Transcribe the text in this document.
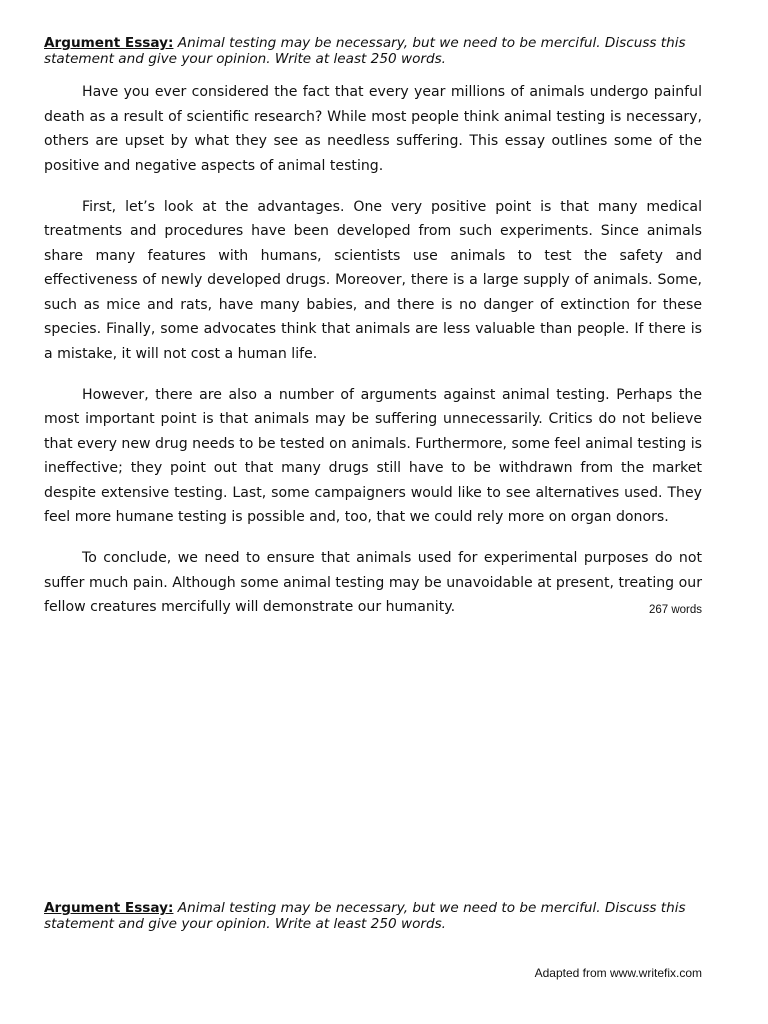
Argument Essay: Animal testing may be necessary, but we need to be merciful. Discuss this statement and give your opinion. Write at least 250 words.

Have you ever considered the fact that every year millions of animals undergo painful death as a result of scientific research? While most people think animal testing is necessary, others are upset by what they see as needless suffering. This essay outlines some of the positive and negative aspects of animal testing.

First, let’s look at the advantages. One very positive point is that many medical treatments and procedures have been developed from such experiments. Since animals share many features with humans, scientists use animals to test the safety and effectiveness of newly developed drugs. Moreover, there is a large supply of animals. Some, such as mice and rats, have many babies, and there is no danger of extinction for these species. Finally, some advocates think that animals are less valuable than people. If there is a mistake, it will not cost a human life.

However, there are also a number of arguments against animal testing. Perhaps the most important point is that animals may be suffering unnecessarily. Critics do not believe that every new drug needs to be tested on animals. Furthermore, some feel animal testing is ineffective; they point out that many drugs still have to be withdrawn from the market despite extensive testing. Last, some campaigners would like to see alternatives used. They feel more humane testing is possible and, too, that we could rely more on organ donors.

To conclude, we need to ensure that animals used for experimental purposes do not suffer much pain. Although some animal testing may be unavoidable at present, treating our fellow creatures mercifully will demonstrate our humanity.	267 words

Argument Essay: Animal testing may be necessary, but we need to be merciful. Discuss this statement and give your opinion. Write at least 250 words.

Adapted from www.writefix.com
